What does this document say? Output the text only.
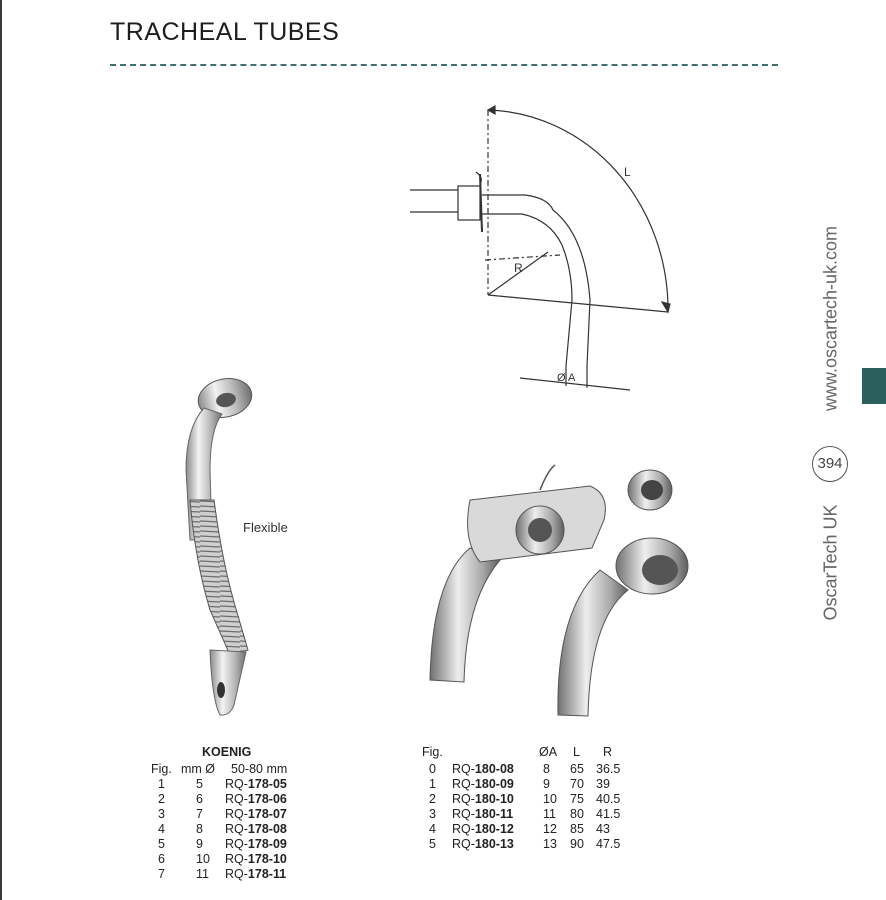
TRACHEAL TUBES
www.oscartech-uk.com
394
OscarTech UK
L
R
Ø A
Flexible
KOENIG
Fig. mm Ø 50-80 mm
1 5 RQ-178-05
2 6 RQ-178-06
3 7 RQ-178-07
4 8 RQ-178-08
5 9 RQ-178-09
6 10 RQ-178-10
7 11 RQ-178-11
Fig.	ØA L R
0 RQ-180-08 8 65 36.5
1 RQ-180-09 9 70 39
2 RQ-180-10 10 75 40.5
3 RQ-180-11 11 80 41.5
4 RQ-180-12 12 85 43
5 RQ-180-13 13 90 47.5
